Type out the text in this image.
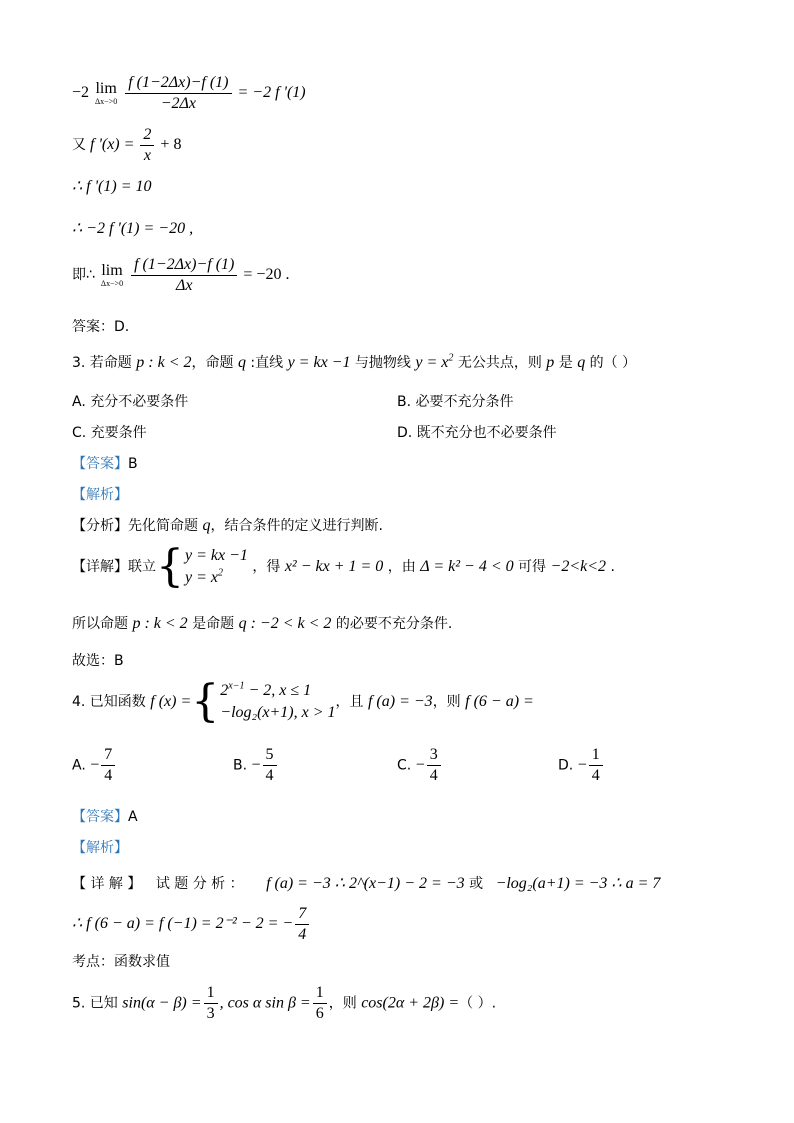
−2 lim
Δx−>0
$\frac{f (1-2\Delta x)-f (1)}{-2\Delta x} = -2$ f '(1)
又 f '$(x) = \frac{2}{x} + 8$
∴ f '(1) = 10
∴ −2 f '(1) = −20 ,
即∴ lim
Δx−>0
$\frac{f (1-2\Delta x)-f (1)}{\Delta x} = -20$ .
答案：D.
3. 若命题 p : k < 2，命题 q :直线 y = kx −1 与抛物线 $y = x^2$ 无公共点，则 p 是 q 的（ ）
A. 充分不必要条件	B. 必要不充分条件
C. 充要条件	D. 既不充分也不必要条件
【答案】B
【解析】
【分析】先化简命题 q，结合条件的定义进行判断.
【详解】联立{ y = kx −1
$y = x^2$	，得 x² − kx + 1 = 0 ，由 Δ = k² − 4 < 0 可得 −2<k<2 .
所以命题 p : k < 2 是命题 q : −2 < k < 2 的必要不充分条件.
故选：B
4. 已知函数 f (x) ={ $2^{x-1} - 2$, x ≤ 1
−log₂(x+1), x > 1
，且 f (a) = −3，则 f (6 − a) =
A. − $\frac{7}{4}$	B. − $\frac{5}{4}$	C. − $\frac{3}{4}$	D. − $\frac{1}{4}$
【答案】A
【解析】
【 详 解 】 试 题 分 析 ： f (a) = −3 ∴ 2^(x−1) − 2 = −3 或 −log₂(a+1) = −3 ∴ a = 7
∴ f (6 − a) = f (−1) = 2⁻² − 2 = − $\frac{7}{4}$
考点：函数求值
5. 已知 $\sin(\alpha - \beta) = \frac{1}{3}$ , cos α $\sin \beta = \frac{1}{6}$ ，则 cos(2α + 2β) =（ ）.
